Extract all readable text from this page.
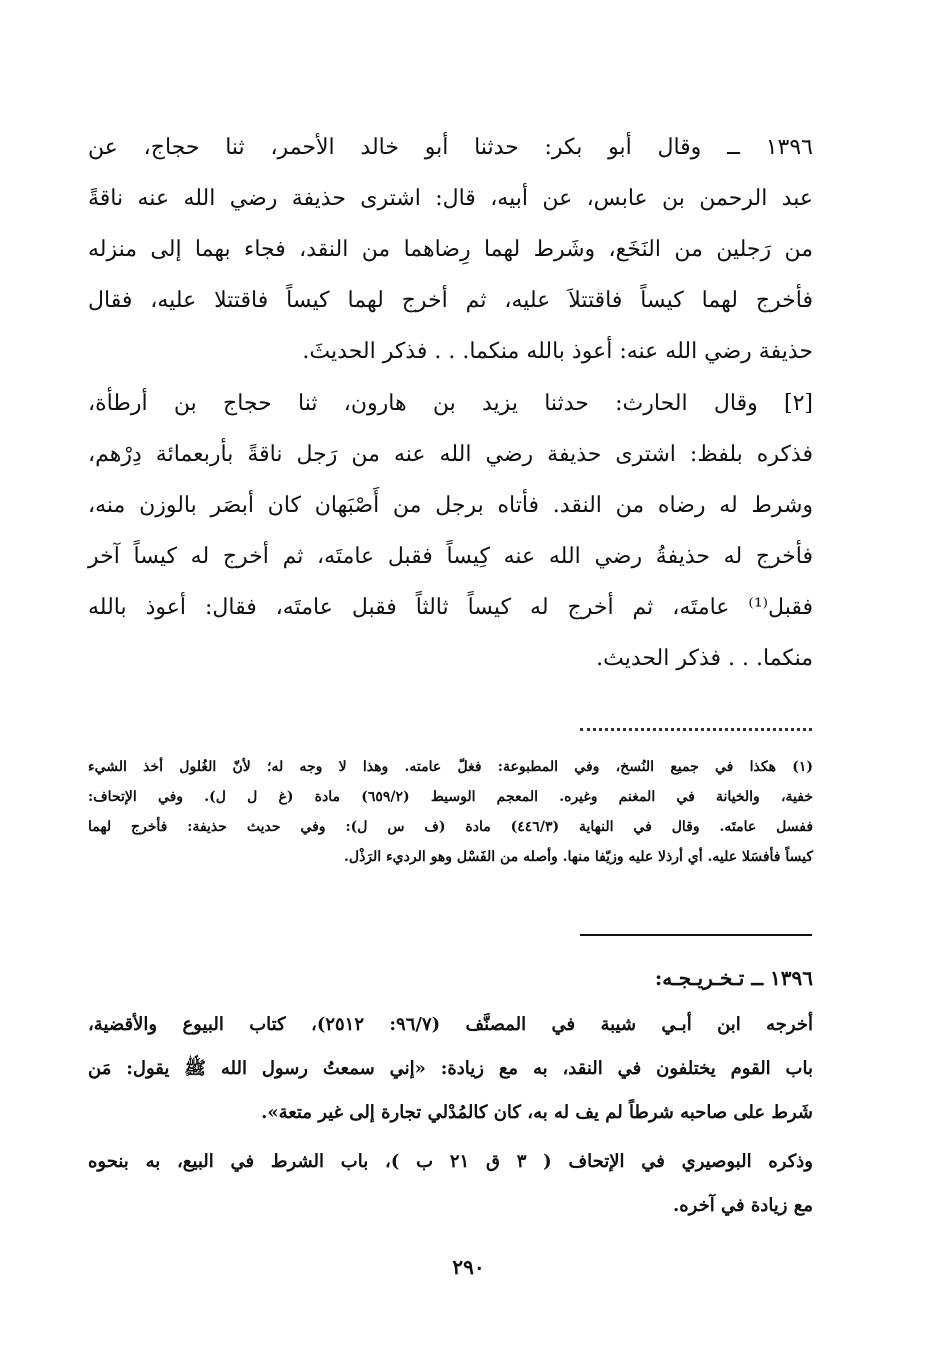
١٣٩٦ ــ وقال أبو بكر: حدثنا أبو خالد الأحمر، ثنا حجاج، عن
عبد الرحمن بن عابس، عن أبيه، قال: اشترى حذيفة رضي الله عنه ناقةً
من رَجلين من النَخَع، وشَرط لهما رِضاهما من النقد، فجاء بهما إلى منزله
فأخرج لهما كيساً فاقتتلاَ عليه، ثم أخرج لهما كيساً فاقتتلا عليه، فقال
حذيفة رضي الله عنه: أعوذ بالله منكما. . . فذكر الحديثَ.
[٢] وقال الحارث: حدثنا يزيد بن هارون، ثنا حجاج بن أرطأة،
فذكره بلفظ: اشترى حذيفة رضي الله عنه من رَجل ناقةً بأربعمائة دِرْهم،
وشرط له رضاه من النقد. فأتاه برجل من أَصْبَهان كان أبصَر بالوزن منه،
فأخرج له حذيفةُ رضي الله عنه كِيساً فقبل عامتَه، ثم أخرج له كيساً آخر
فقبل⁽¹⁾ عامتَه، ثم أخرج له كيساً ثالثاً فقبل عامتَه، فقال: أعوذ بالله
منكما. . . فذكر الحديث.
(١) هكذا في جميع النُسخ، وفي المطبوعة: فغلّ عامته. وهذا لا وجه له؛ لأنّ الغُلول أخذ الشيء
خفية، والخيانة في المغنم وغيره. المعجم الوسيط (٦٥٩/٢) مادة (غ ل ل). وفي الإتحاف:
ففسل عامتَه. وقال في النهاية (٤٤٦/٣) مادة (ف س ل): وفي حديث حذيفة: فأخرج لهما
كيساً فأفسَلا عليه. أي أرذلا عليه وزيّفا منها. وأصله من الفَسْل وهو الرديء الرَذْل.
١٣٩٦ ــ تـخـريـجـه:
أخرجه ابن أبـي شيبة في المصنَّف (٩٦/٧: ٢٥١٢)، كتاب البيوع والأقضية،
باب القوم يختلفون في النقد، به مع زيادة: «إني سمعتُ رسول الله ﷺ يقول: مَن
شَرط على صاحبه شرطاً لم يف له به، كان كالمُدْلي تجارة إلى غير متعة».
وذكره البوصيري في الإتحاف ( ٣ ق ٢١ ب )، باب الشرط في البيع، به بنحوه
مع زيادة في آخره.
٢٩٠
